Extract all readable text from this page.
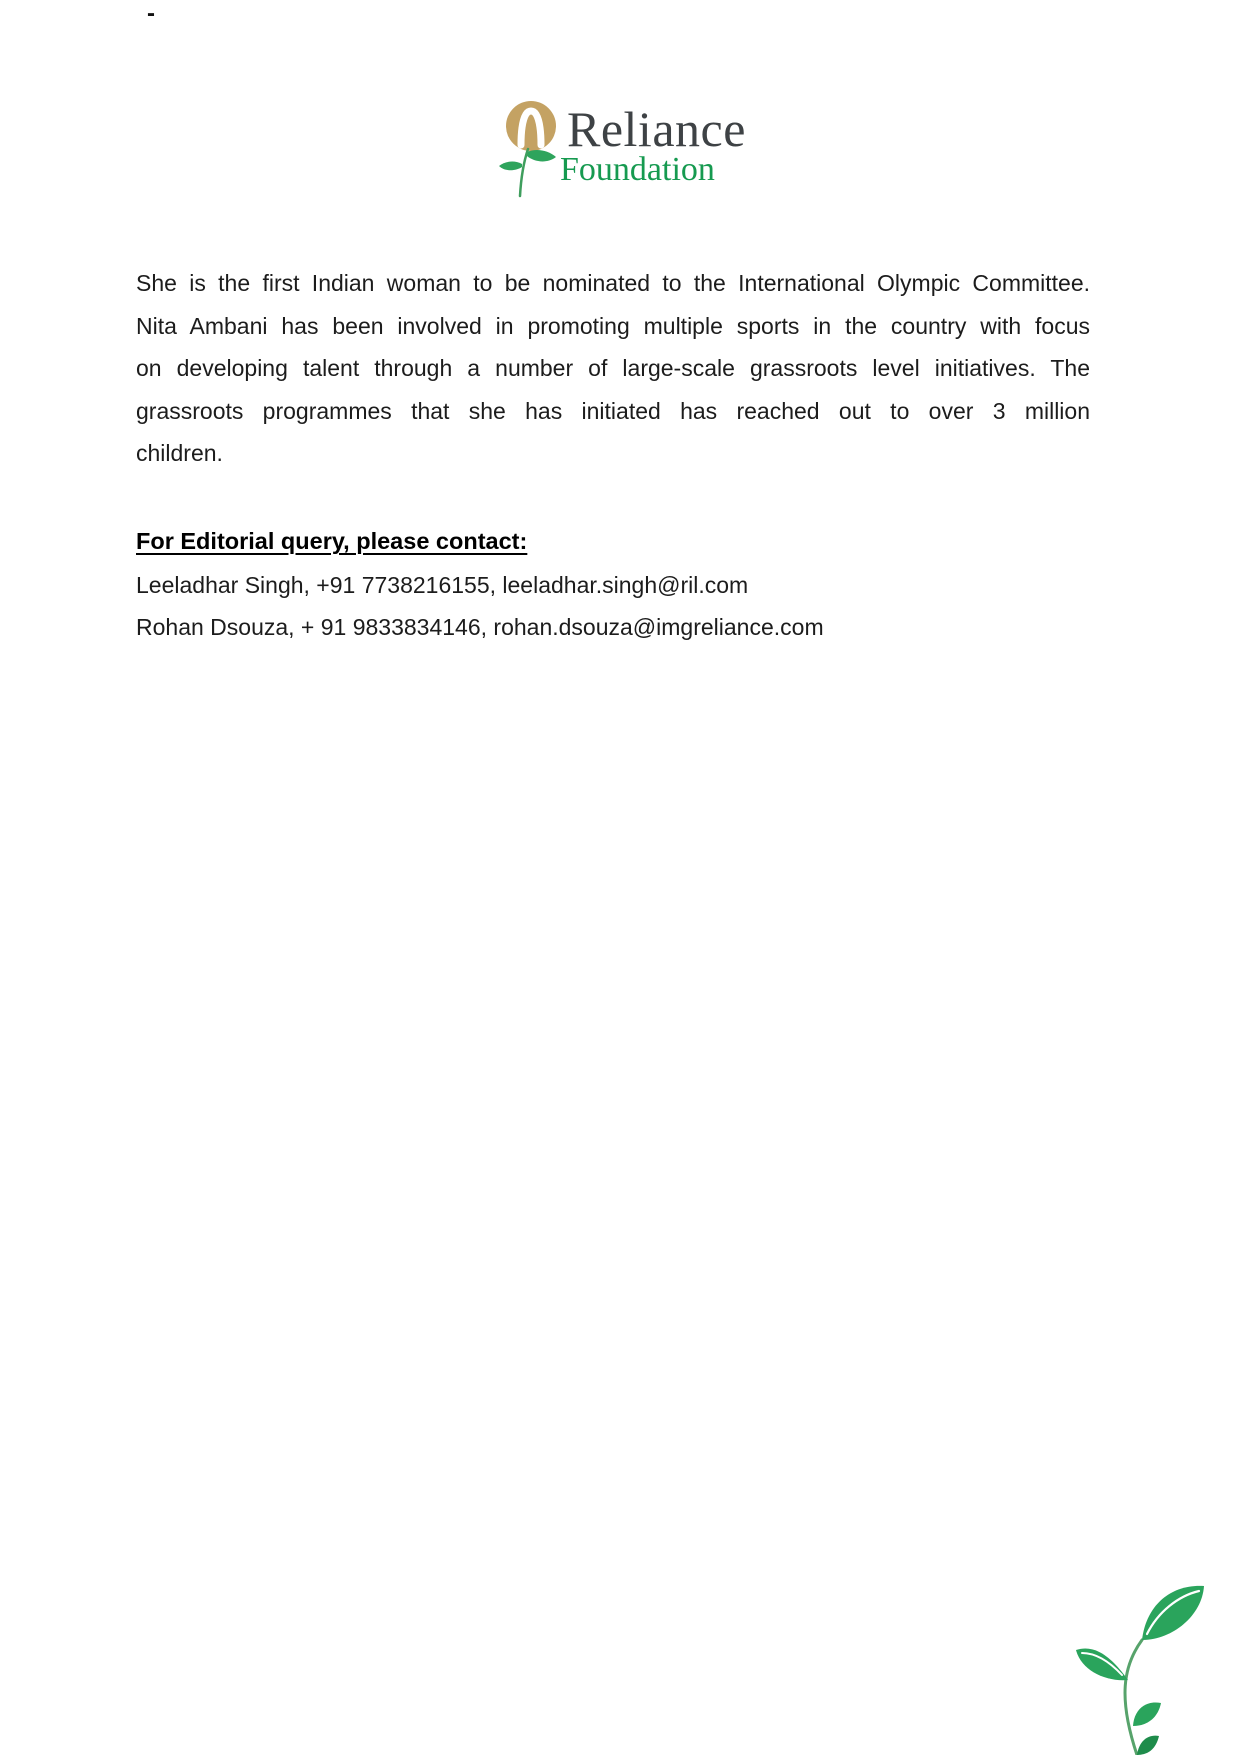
-
Reliance
Foundation
She is the first Indian woman to be nominated to the International Olympic Committee.
Nita Ambani has been involved in promoting multiple sports in the country with focus
on developing talent through a number of large-scale grassroots level initiatives. The
grassroots programmes that she has initiated has reached out to over 3 million
children.
For Editorial query, please contact:
Leeladhar Singh, +91 7738216155, leeladhar.singh@ril.com
Rohan Dsouza, + 91 9833834146, rohan.dsouza@imgreliance.com
